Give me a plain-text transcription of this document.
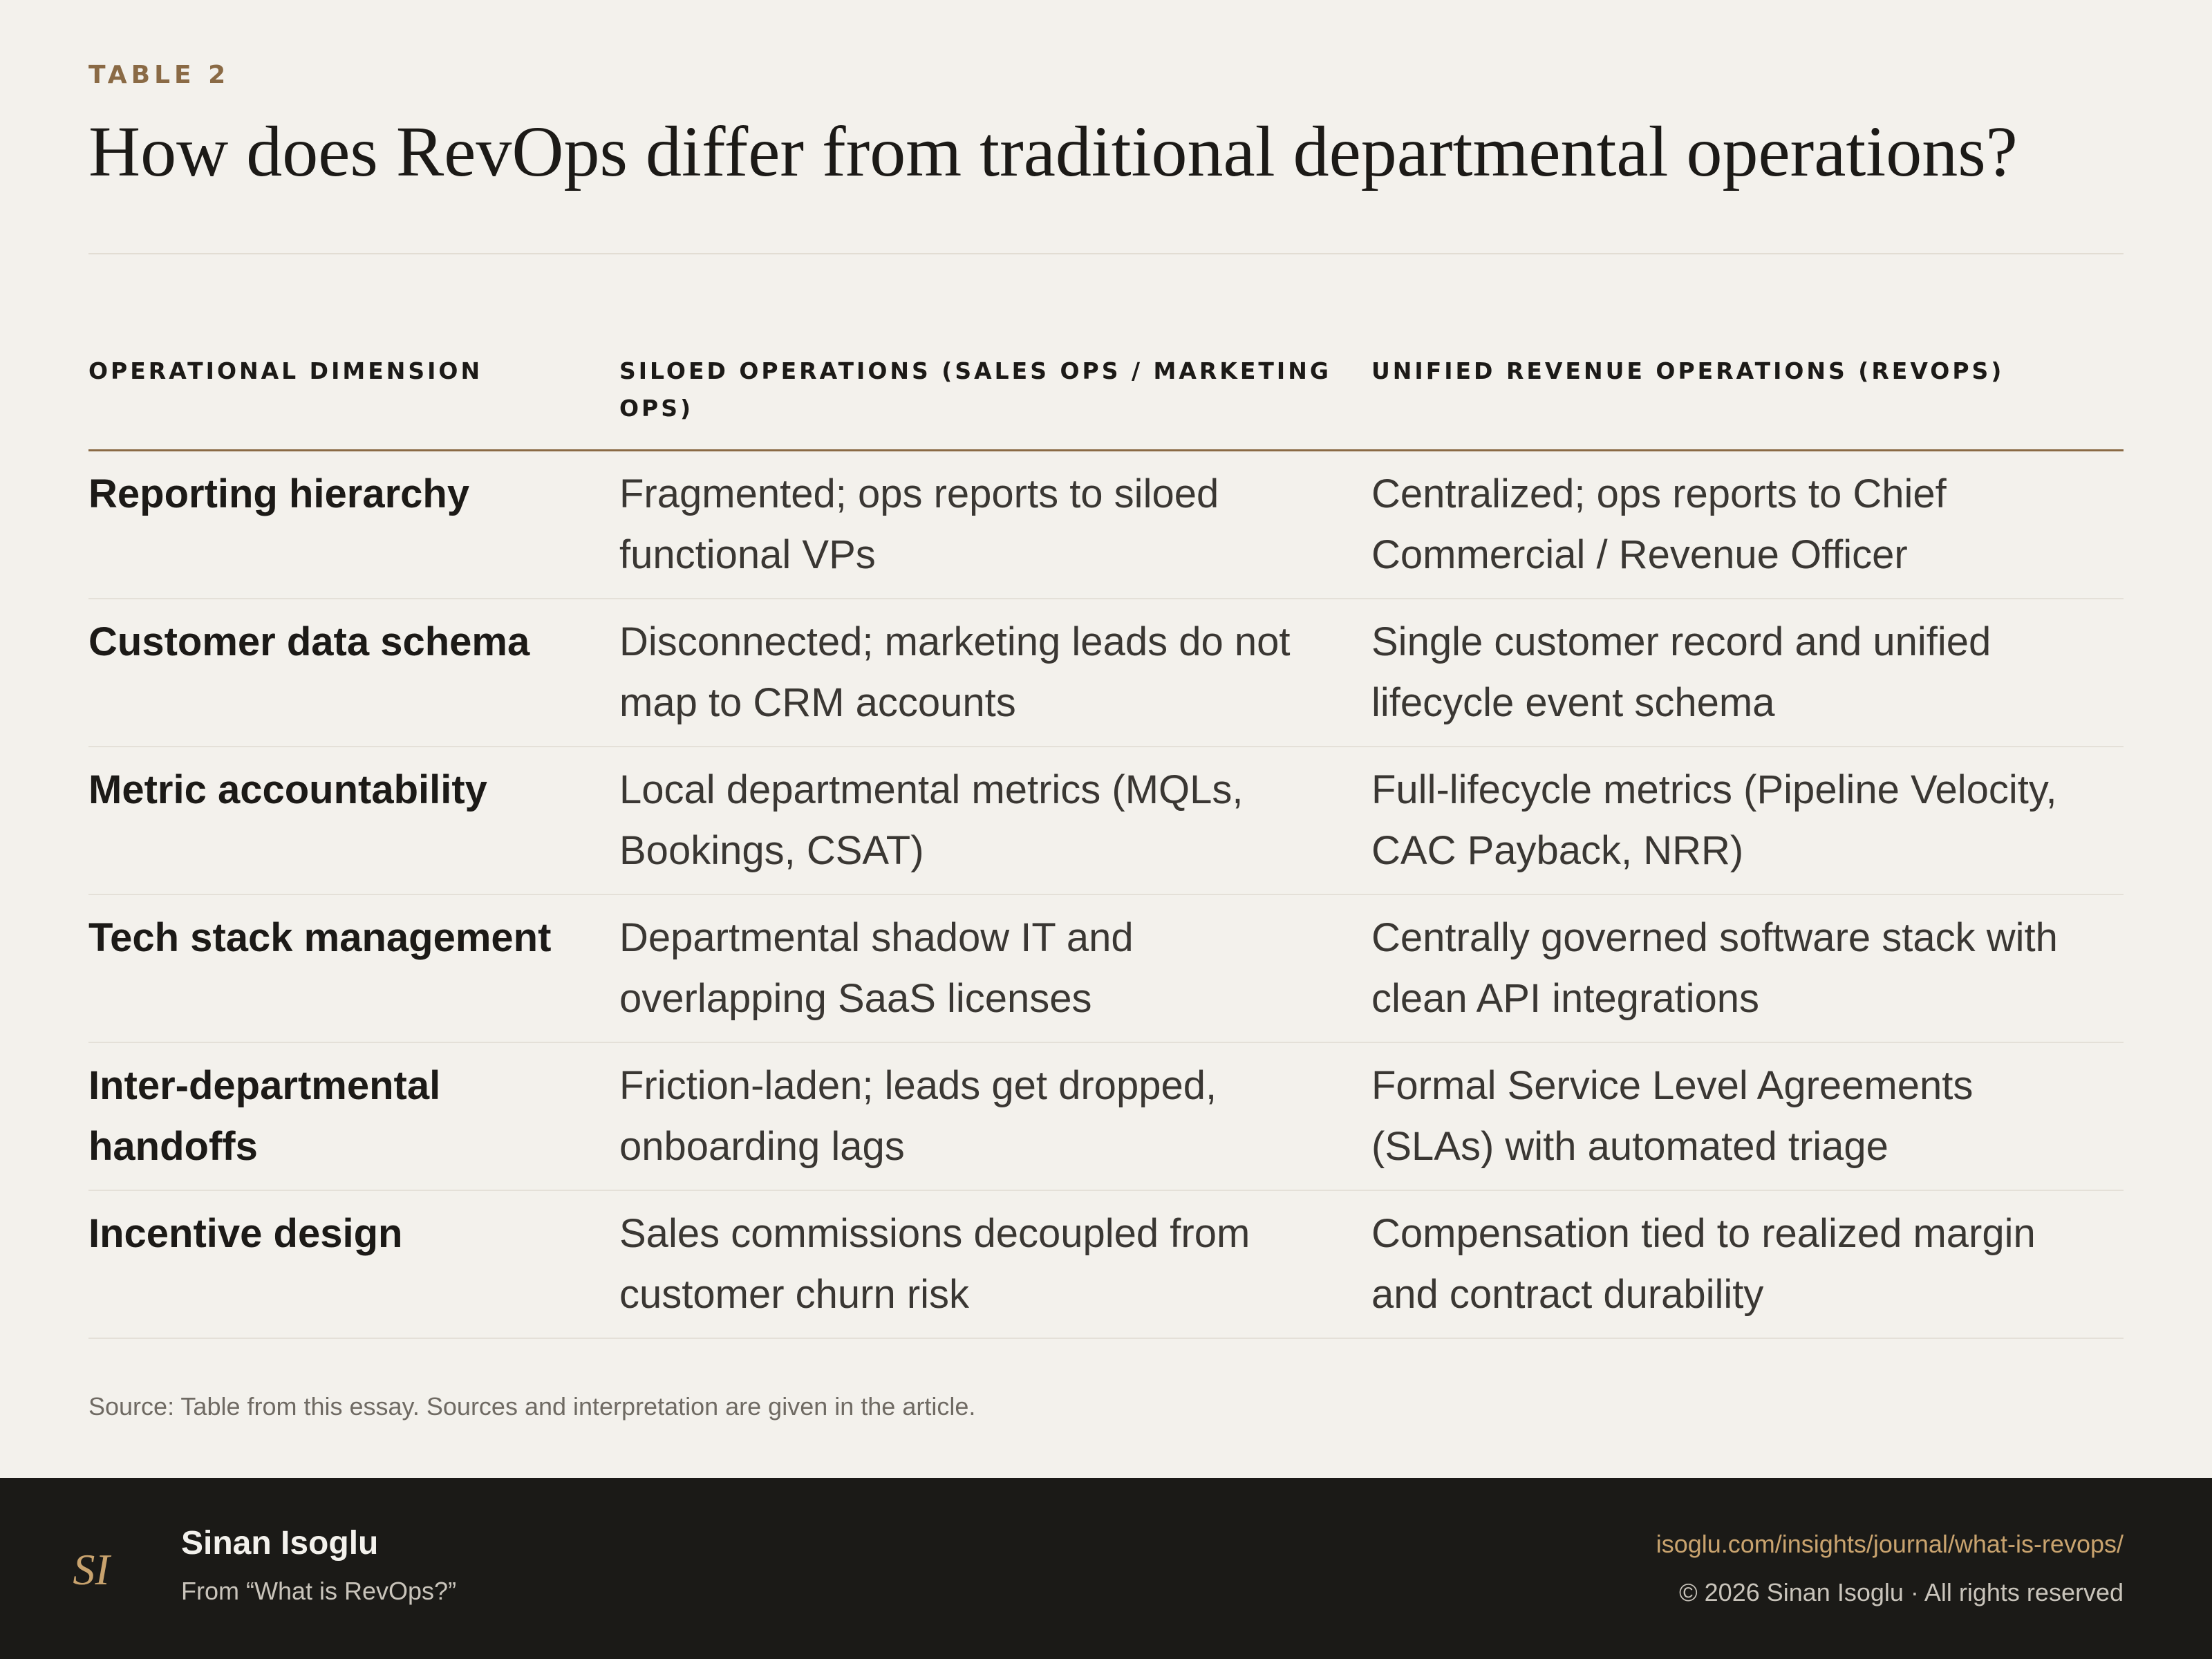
TABLE 2
How does RevOps differ from traditional departmental operations?
OPERATIONAL DIMENSION	SILOED OPERATIONS (SALES OPS / MARKETING OPS)	UNIFIED REVENUE OPERATIONS (REVOPS)
Reporting hierarchy	Fragmented; ops reports to siloed functional VPs	Centralized; ops reports to Chief Commercial / Revenue Officer
Customer data schema	Disconnected; marketing leads do not map to CRM accounts	Single customer record and unified lifecycle event schema
Metric accountability	Local departmental metrics (MQLs, Bookings, CSAT)	Full-lifecycle metrics (Pipeline Velocity, CAC Payback, NRR)
Tech stack management	Departmental shadow IT and overlapping SaaS licenses	Centrally governed software stack with clean API integrations
Inter-departmental handoffs	Friction-laden; leads get dropped, onboarding lags	Formal Service Level Agreements (SLAs) with automated triage
Incentive design	Sales commissions decoupled from customer churn risk	Compensation tied to realized margin and contract durability
Source: Table from this essay. Sources and interpretation are given in the article.
SI
Sinan Isoglu
From “What is RevOps?”
isoglu.com/insights/journal/what-is-revops/
© 2026 Sinan Isoglu · All rights reserved
